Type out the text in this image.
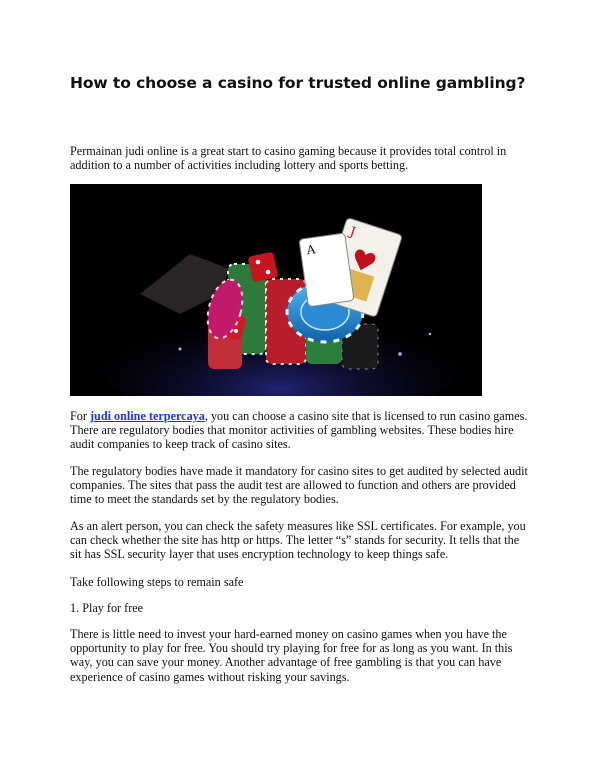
How to choose a casino for trusted online gambling?

Permainan judi online is a great start to casino gaming because it provides total control in addition to a number of activities including lottery and sports betting.

J
A

For judi online terpercaya, you can choose a casino site that is licensed to run casino games. There are regulatory bodies that monitor activities of gambling websites. These bodies hire audit companies to keep track of casino sites.

The regulatory bodies have made it mandatory for casino sites to get audited by selected audit companies. The sites that pass the audit test are allowed to function and others are provided time to meet the standards set by the regulatory bodies.

As an alert person, you can check the safety measures like SSL certificates. For example, you can check whether the site has http or https. The letter “s” stands for security. It tells that the sit has SSL security layer that uses encryption technology to keep things safe.

Take following steps to remain safe

1. Play for free

There is little need to invest your hard-earned money on casino games when you have the opportunity to play for free. You should try playing for free for as long as you want. In this way, you can save your money. Another advantage of free gambling is that you can have experience of casino games without risking your savings.
